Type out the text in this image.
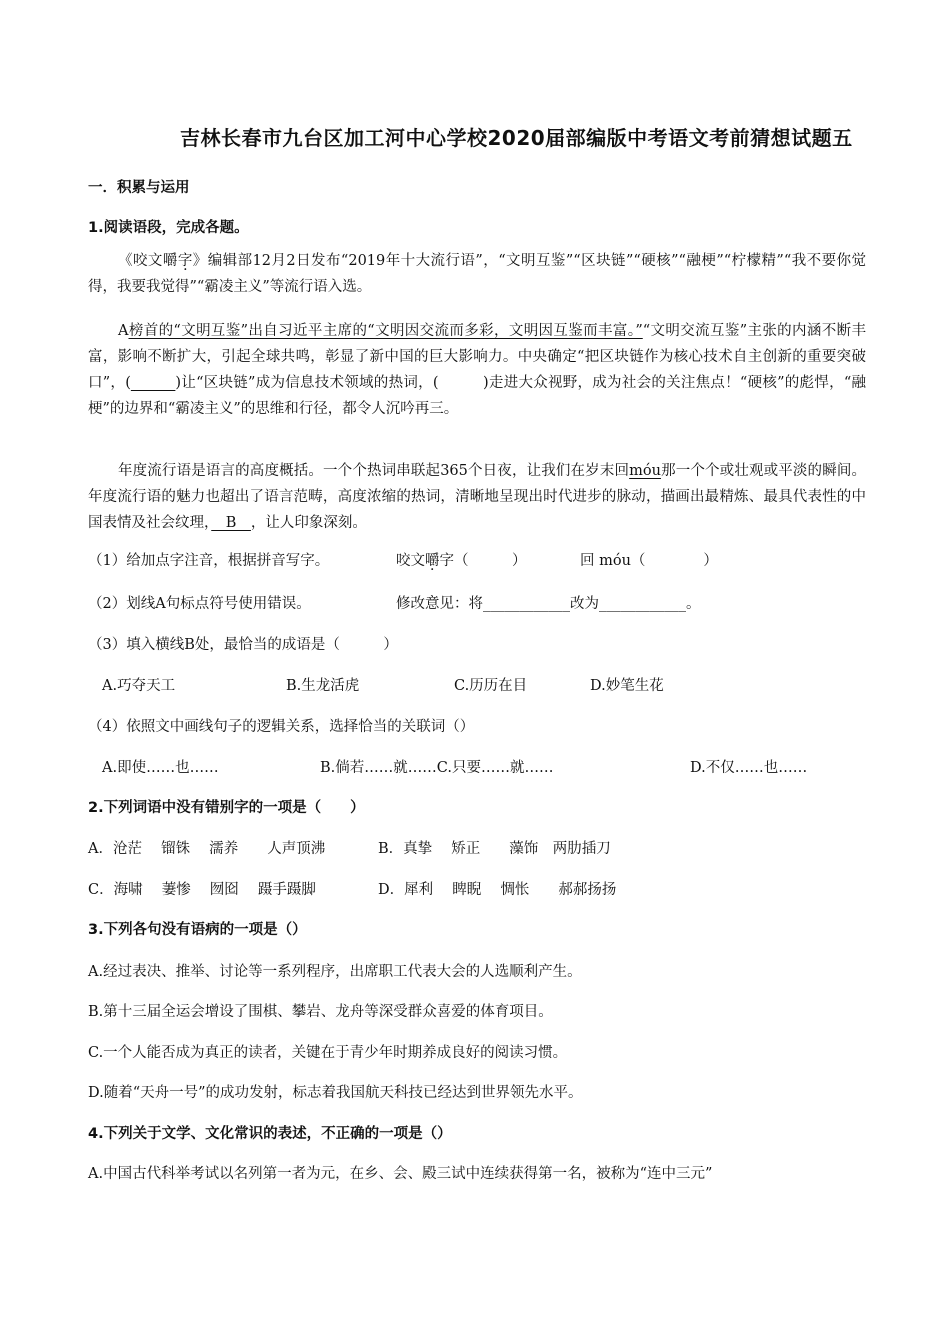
吉林长春市九台区加工河中心学校2020届部编版中考语文考前猜想试题五
一．积累与运用
1.阅读语段，完成各题。
《咬文嚼字》编辑部12月2日发布“2019年十大流行语”，“文明互鉴”“区块链”“硬核”“融梗”“柠檬精”“我不要你觉得，我要我觉得”“霸凌主义”等流行语入选。
A榜首的“文明互鉴”出自习近平主席的“文明因交流而多彩，文明因互鉴而丰富。”“文明交流互鉴”主张的内涵不断丰富，影响不断扩大，引起全球共鸣，彰显了新中国的巨大影响力。中央确定“把区块链作为核心技术自主创新的重要突破口”，(　　　	)让“区块链”成为信息技术领域的热词，(　　　)走进大众视野，成为社会的关注焦点！“硬核”的彪悍，“融梗”的边界和“霸凌主义”的思维和行径，都令人沉吟再三。
年度流行语是语言的高度概括。一个个热词串联起365个日夜，让我们在岁末回móu那一个个或壮观或平淡的瞬间。年度流行语的魅力也超出了语言范畴，高度浓缩的热词，清晰地呈现出时代进步的脉动，描画出最精炼、最具代表性的中国表情及社会纹理，　B　，让人印象深刻。
（1）给加点字注音，根据拼音写字。	咬文嚼字（　　　）	回 móu（　　　　）
（2）划线A句标点符号使用错误。	修改意见：将____________改为____________。
（3）填入横线B处，最恰当的成语是（　　　）
A.巧夺天工	B.生龙活虎	C.历历在目	D.妙笔生花
（4）依照文中画线句子的逻辑关系，选择恰当的关联词（）
A.即使……也……	B.倘若……就……C.只要……就……	D.不仅……也……
2.下列词语中没有错别字的一项是（　　）
A．沧茫　 镏铢　 濡养　　人声顶沸	B．真挚　 矫正　　藻饰　两肋插刀
C．海啸　 萋惨　 囫囵　 蹑手蹑脚	D．犀利　 睥睨　 惆怅　　郝郝扬扬
3.下列各句没有语病的一项是（）
A.经过表决、推举、讨论等一系列程序，出席职工代表大会的人选顺利产生。
B.第十三届全运会增设了围棋、攀岩、龙舟等深受群众喜爱的体育项目。
C.一个人能否成为真正的读者，关键在于青少年时期养成良好的阅读习惯。
D.随着“天舟一号”的成功发射，标志着我国航天科技已经达到世界领先水平。
4.下列关于文学、文化常识的表述，不正确的一项是（）
A.中国古代科举考试以名列第一者为元，在乡、会、殿三试中连续获得第一名，被称为“连中三元”
